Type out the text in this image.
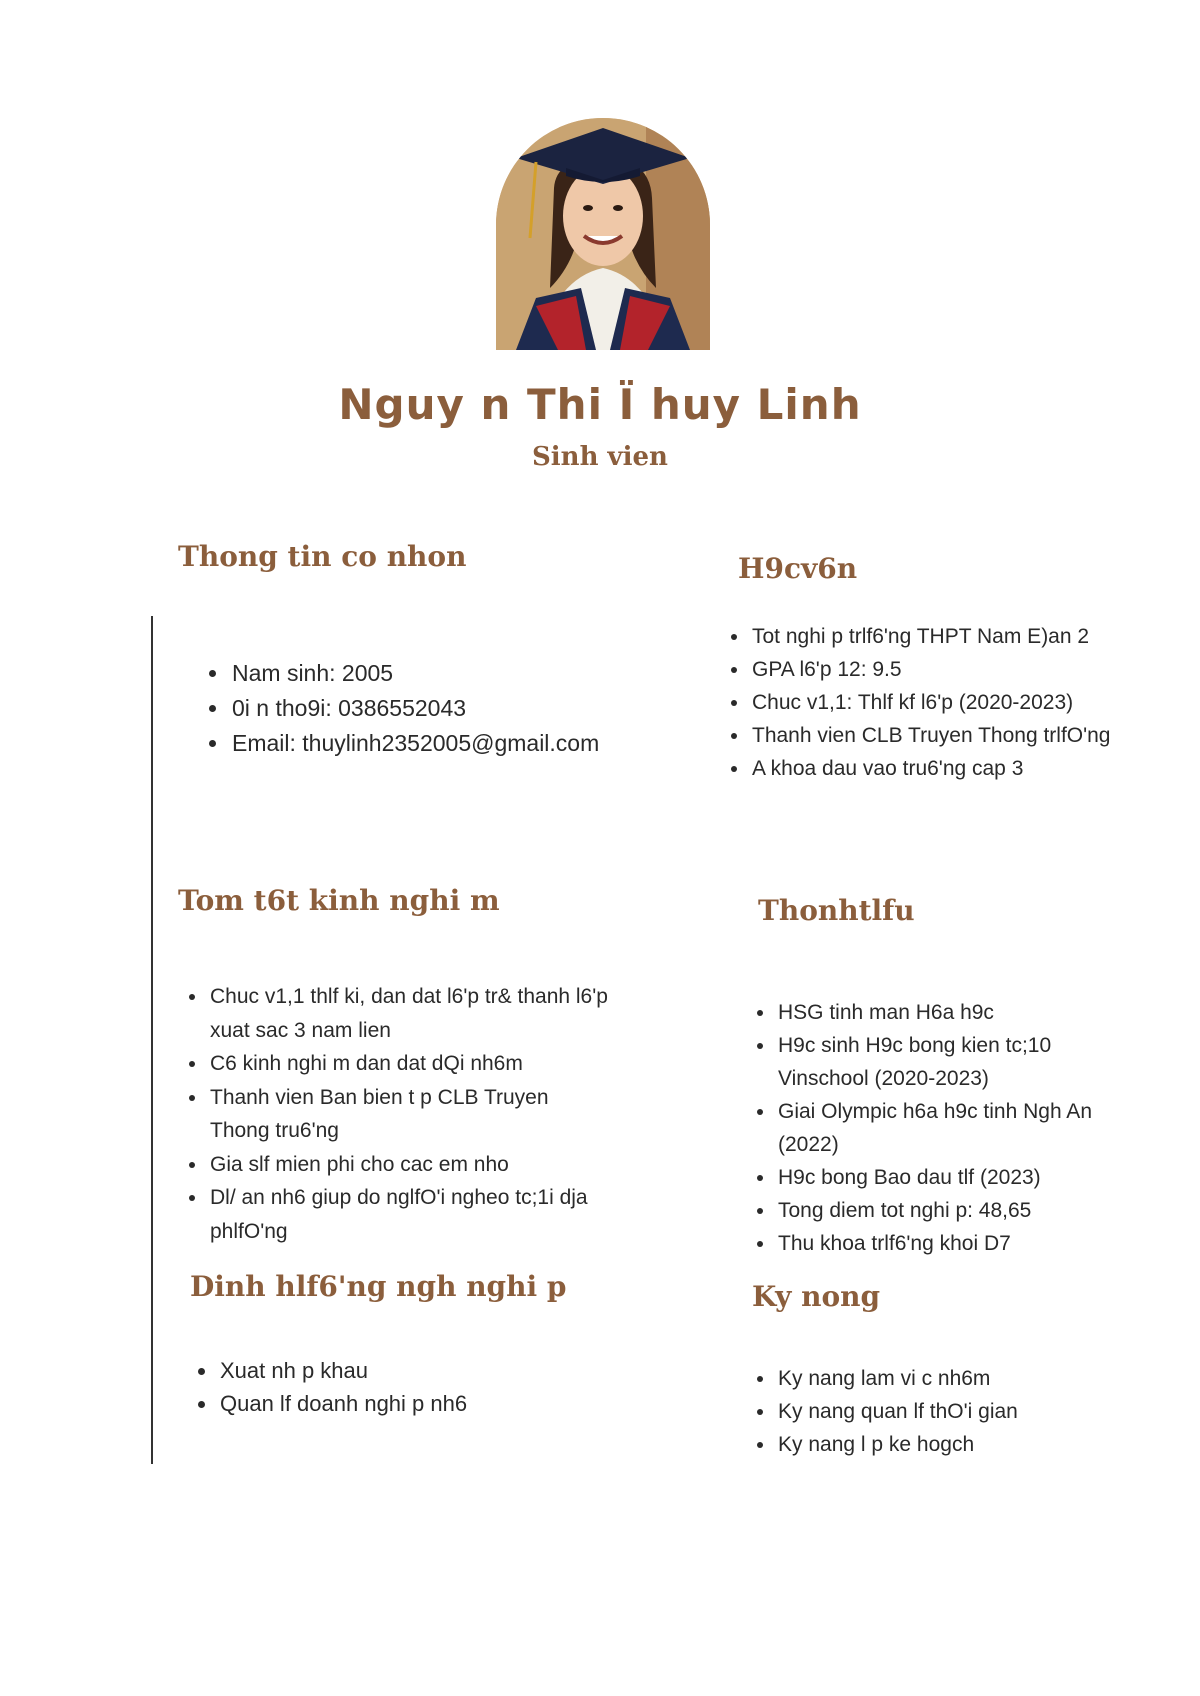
Nguy n Thi Ï huy Linh
Sinh vien
Thong tin co nhon
• Nam sinh: 2005
• 0i n tho9i: 0386552043
• Email: thuylinh2352005@gmail.com
Tom t6t kinh nghi m
• Chuc v1,1 thlf ki, dan dat l6'p tr& thanh l6'p xuat sac 3 nam lien
• C6 kinh nghi m dan dat dQi nh6m
• Thanh vien Ban bien t p CLB Truyen Thong tru6'ng
• Gia slf mien phi cho cac em nho
• Dl/ an nh6 giup do nglfO'i ngheo tc;1i dja phlfO'ng
Dinh hlf6'ng ngh nghi p
• Xuat nh p khau
• Quan lf doanh nghi p nh6
H9cv6n
• Tot nghi p trlf6'ng THPT Nam E)an 2
• GPA l6'p 12: 9.5
• Chuc v1,1: Thlf kf l6'p (2020-2023)
• Thanh vien CLB Truyen Thong trlfO'ng
• A khoa dau vao tru6'ng cap 3
Thonhtlfu
• HSG tinh man H6a h9c
• H9c sinh H9c bong kien tc;10 Vinschool (2020-2023)
• Giai Olympic h6a h9c tinh Ngh An (2022)
• H9c bong Bao dau tlf (2023)
• Tong diem tot nghi p: 48,65
• Thu khoa trlf6'ng khoi D7
Ky nong
• Ky nang lam vi c nh6m
• Ky nang quan lf thO'i gian
• Ky nang l p ke hogch
